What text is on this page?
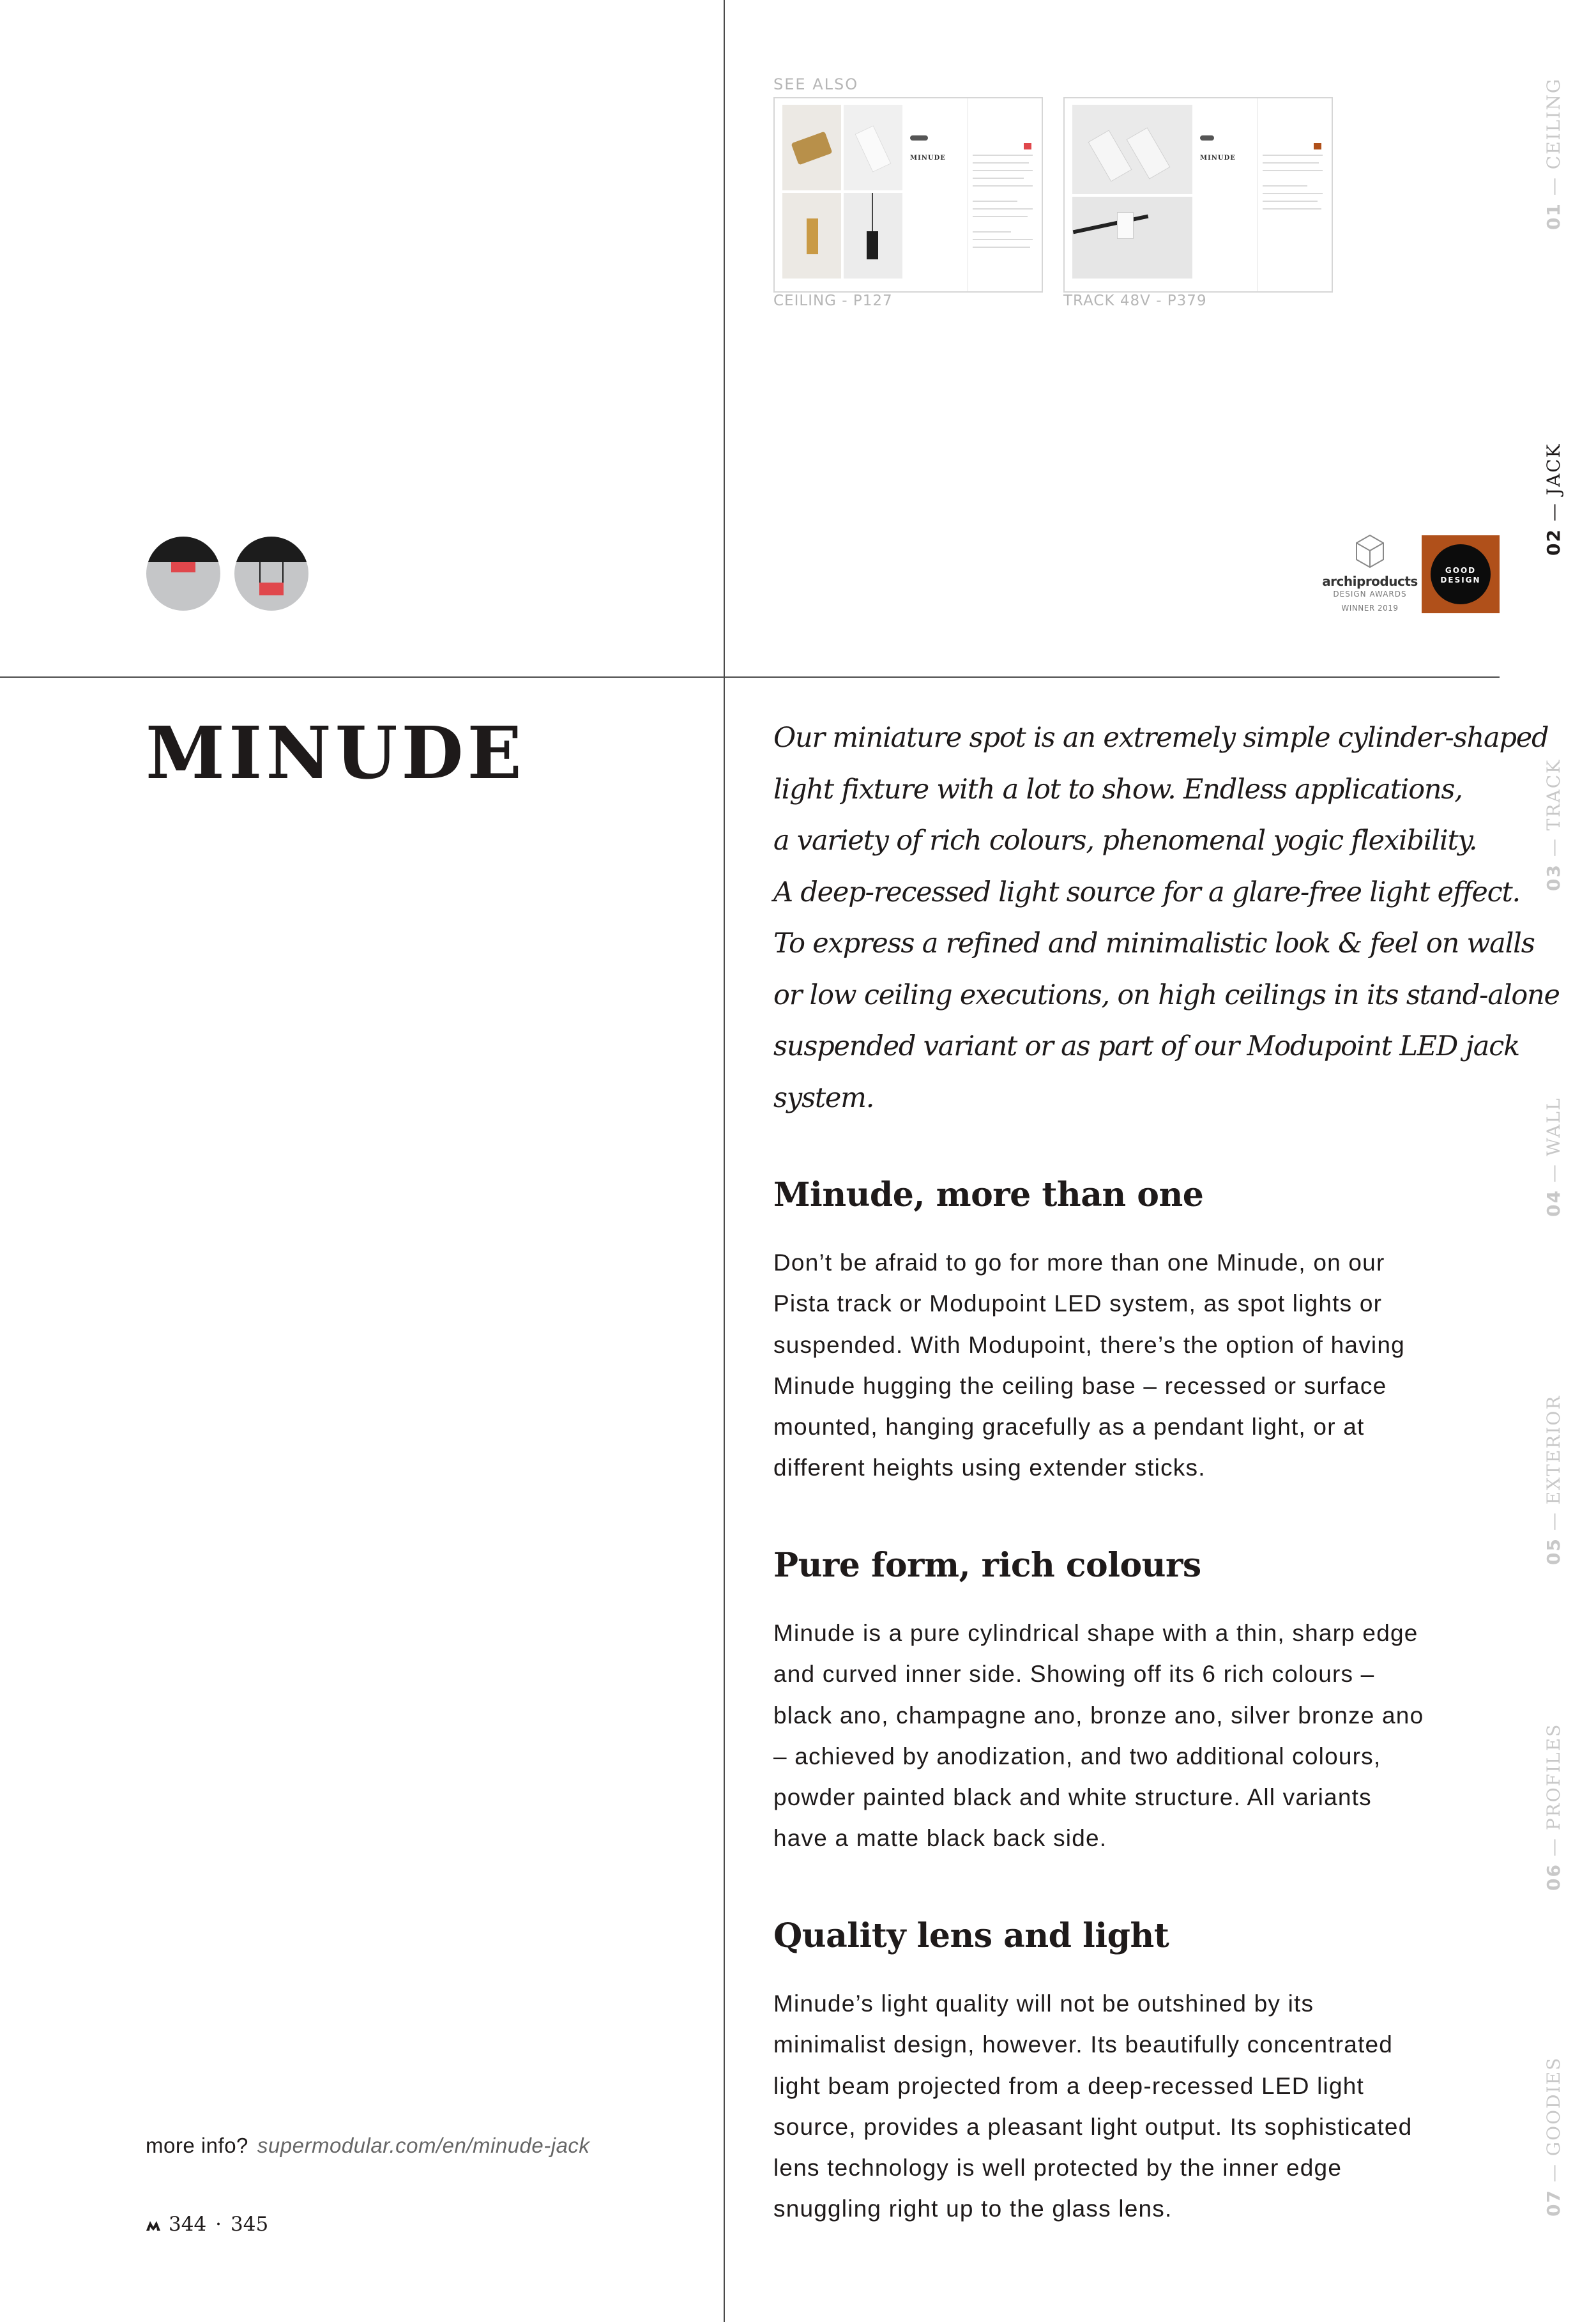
SEE ALSO
MINUDE
CEILING - P127
MINUDE
TRACK 48V - P379
archiproducts
DESIGN AWARDS
WINNER 2019
GOOD
DESIGN
01 — CEILING
02 — JACK
03 — TRACK
04 — WALL
05 — EXTERIOR
06 — PROFILES
07 — GOODIES
MINUDE	Our miniature spot is an extremely simple cylinder-shaped
light fixture with a lot to show. Endless applications,
a variety of rich colours, phenomenal yogic flexibility.
A deep-recessed light source for a glare-free light effect.
To express a refined and minimalistic look & feel on walls
or low ceiling executions, on high ceilings in its stand-alone
suspended variant or as part of our Modupoint LED jack
system.
Minude, more than one
Don’t be afraid to go for more than one Minude, on our
Pista track or Modupoint LED system, as spot lights or
suspended. With Modupoint, there’s the option of having
Minude hugging the ceiling base – recessed or surface
mounted, hanging gracefully as a pendant light, or at
different heights using extender sticks.
Pure form, rich colours
Minude is a pure cylindrical shape with a thin, sharp edge
and curved inner side. Showing off its 6 rich colours –
black ano, champagne ano, bronze ano, silver bronze ano
– achieved by anodization, and two additional colours,
powder painted black and white structure. All variants
have a matte black back side.
Quality lens and light
Minude’s light quality will not be outshined by its
minimalist design, however. Its beautifully concentrated
light beam projected from a deep-recessed LED light
source, provides a pleasant light output. Its sophisticated
lens technology is well protected by the inner edge
snuggling right up to the glass lens.
more info? supermodular.com/en/minude-jack
344 · 345
